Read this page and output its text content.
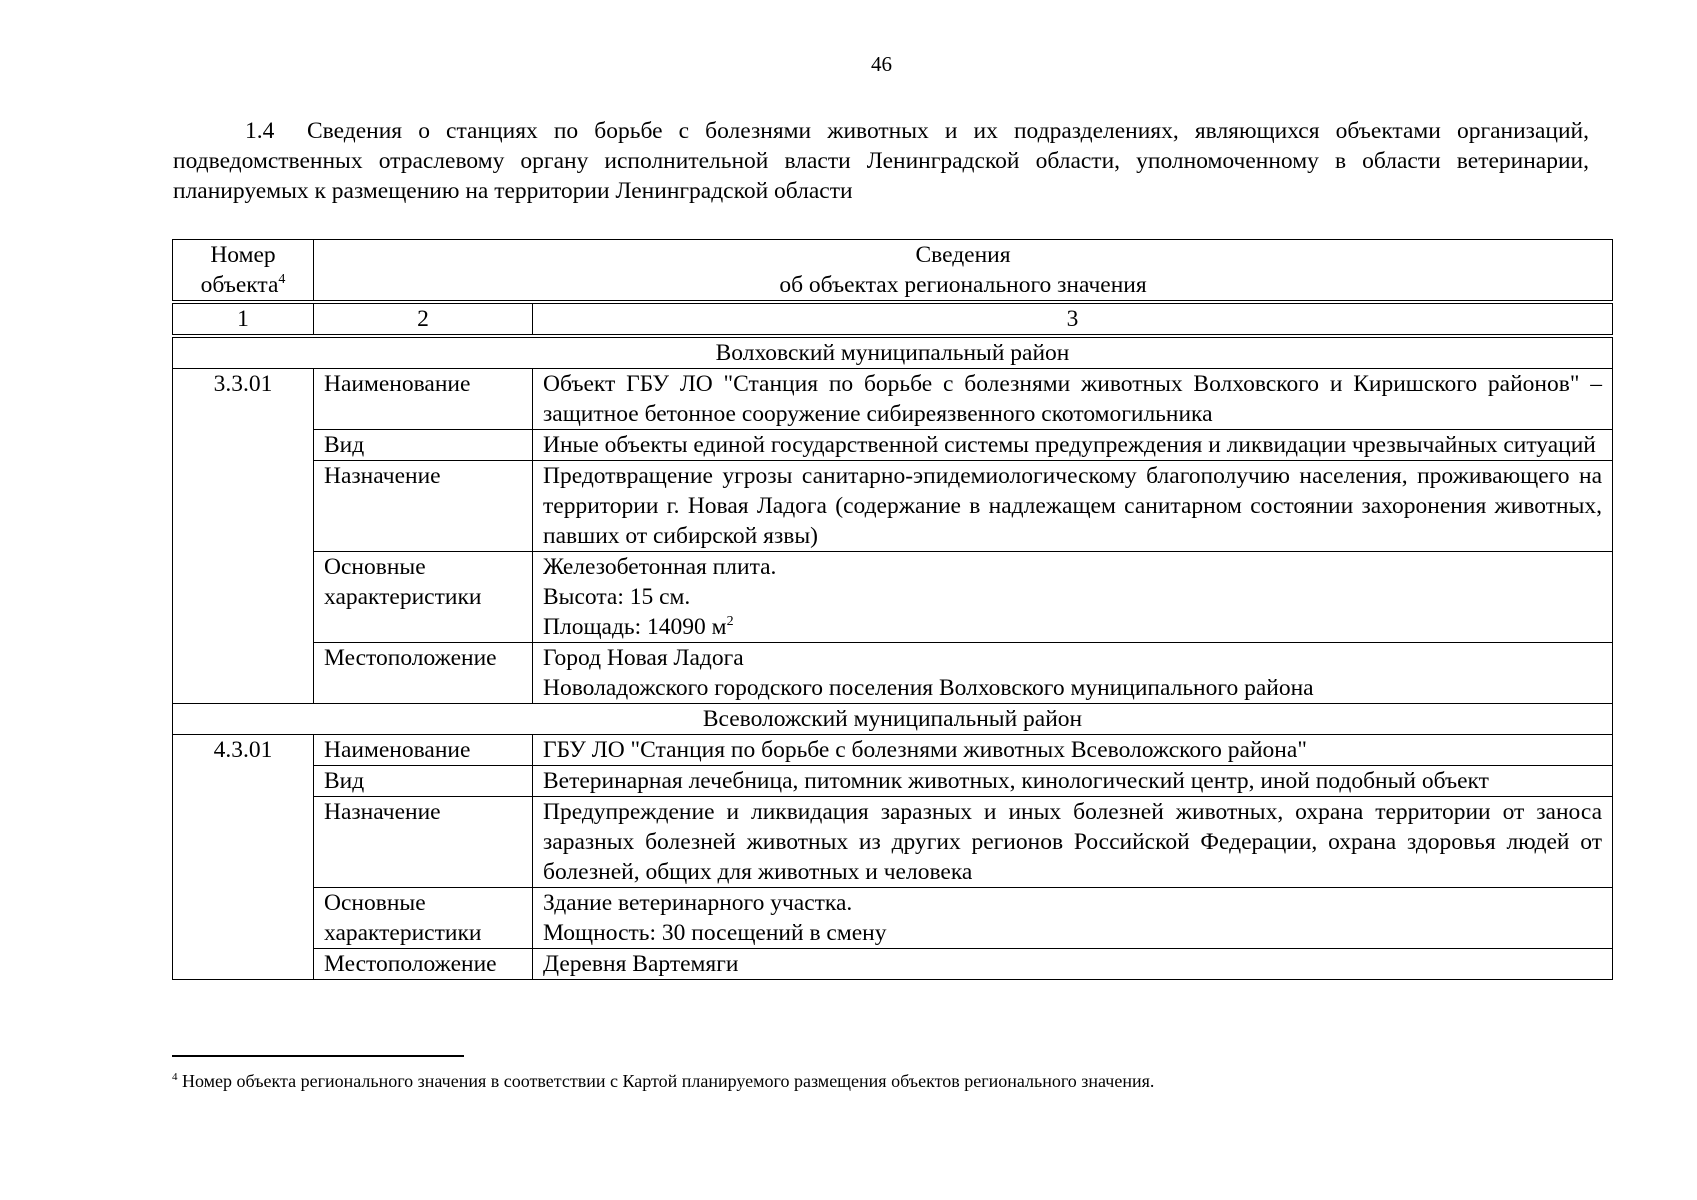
46
1.4 Сведения о станциях по борьбе с болезнями животных и их подразделениях, являющихся объектами организаций, подведомственных отраслевому органу исполнительной власти Ленинградской области, уполномоченному в области ветеринарии, планируемых к размещению на территории Ленинградской области
Номер объекта$^4$	Сведения
об объектах регионального значения	
1	2	3
Волховский муниципальный район		
3.3.01	Наименование	Объект ГБУ ЛО "Станция по борьбе с болезнями животных Волховского и Киришского районов" – защитное бетонное сооружение сибиреязвенного скотомогильника
	Вид	Иные объекты единой государственной системы предупреждения и ликвидации чрезвычайных ситуаций
	Назначение	Предотвращение угрозы санитарно-эпидемиологическому благополучию населения, проживающего на территории г. Новая Ладога (содержание в надлежащем санитарном состоянии захоронения животных, павших от сибирской язвы)
	Основные
характеристики	Железобетонная плита.
Высота: 15 см.
Площадь: 14090 $м^2$
	Местоположение	Город Новая Ладога
Новоладожского городского поселения Волховского муниципального района
Всеволожский муниципальный район		
4.3.01	Наименование	ГБУ ЛО "Станция по борьбе с болезнями животных Всеволожского района"
	Вид	Ветеринарная лечебница, питомник животных, кинологический центр, иной подобный объект
	Назначение	Предупреждение и ликвидация заразных и иных болезней животных, охрана территории от заноса заразных болезней животных из других регионов Российской Федерации, охрана здоровья людей от болезней, общих для животных и человека
	Основные
характеристики	Здание ветеринарного участка.
Мощность: 30 посещений в смену
	Местоположение	Деревня Вартемяги
$^4$ Номер объекта регионального значения в соответствии с Картой планируемого размещения объектов регионального значения.
